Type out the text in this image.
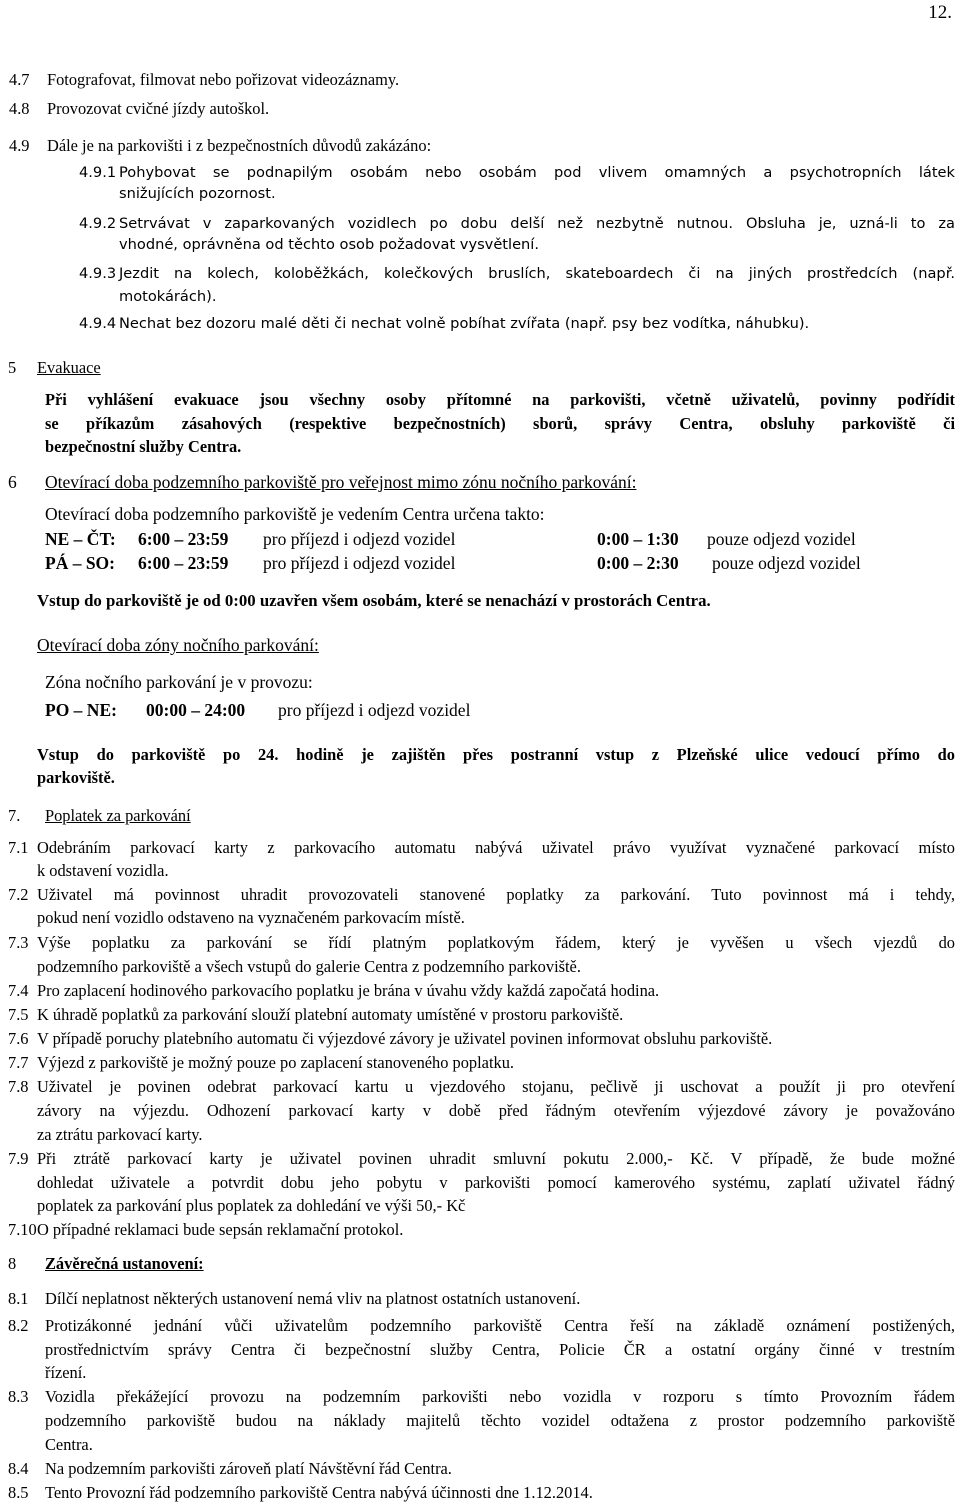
12.
4.7 Fotografovat, filmovat nebo pořizovat videozáznamy.
4.8 Provozovat cvičné jízdy autoškol.
4.9 Dále je na parkovišti i z bezpečnostních důvodů zakázáno:
4.9.1 Pohybovat se podnapilým osobám nebo osobám pod vlivem omamných a psychotropních látek
snižujících pozornost.
4.9.2 Setrvávat v zaparkovaných vozidlech po dobu delší než nezbytně nutnou. Obsluha je, uzná-li to za
vhodné, oprávněna od těchto osob požadovat vysvětlení.
4.9.3 Jezdit na kolech, koloběžkách, kolečkových bruslích, skateboardech či na jiných prostředcích (např.
motokárách).
4.9.4 Nechat bez dozoru malé děti či nechat volně pobíhat zvířata (např. psy bez vodítka, náhubku).
5 Evakuace
Při vyhlášení evakuace jsou všechny osoby přítomné na parkovišti, včetně uživatelů, povinny podřídit
se příkazům zásahových (respektive bezpečnostních) sborů, správy Centra, obsluhy parkoviště či
bezpečnostní služby Centra.
6 Otevírací doba podzemního parkoviště pro veřejnost mimo zónu nočního parkování:
Otevírací doba podzemního parkoviště je vedením Centra určena takto:
NE – ČT: 6:00 – 23:59 pro příjezd i odjezd vozidel	0:00 – 1:30 pouze odjezd vozidel
PÁ – SO: 6:00 – 23:59 pro příjezd i odjezd vozidel	0:00 – 2:30 pouze odjezd vozidel
Vstup do parkoviště je od 0:00 uzavřen všem osobám, které se nenachází v prostorách Centra.
Otevírací doba zóny nočního parkování:
Zóna nočního parkování je v provozu:
PO – NE: 00:00 – 24:00 pro příjezd i odjezd vozidel
Vstup do parkoviště po 24. hodině je zajištěn přes postranní vstup z Plzeňské ulice vedoucí přímo do
parkoviště.
7. Poplatek za parkování
7.1 Odebráním parkovací karty z parkovacího automatu nabývá uživatel právo využívat vyznačené parkovací místo
k odstavení vozidla.
7.2 Uživatel má povinnost uhradit provozovateli stanovené poplatky za parkování. Tuto povinnost má i tehdy,
pokud není vozidlo odstaveno na vyznačeném parkovacím místě.
7.3 Výše poplatku za parkování se řídí platným poplatkovým řádem, který je vyvěšen u všech vjezdů do
podzemního parkoviště a všech vstupů do galerie Centra z podzemního parkoviště.
7.4 Pro zaplacení hodinového parkovacího poplatku je brána v úvahu vždy každá započatá hodina.
7.5 K úhradě poplatků za parkování slouží platební automaty umístěné v prostoru parkoviště.
7.6 V případě poruchy platebního automatu či výjezdové závory je uživatel povinen informovat obsluhu parkoviště.
7.7 Výjezd z parkoviště je možný pouze po zaplacení stanoveného poplatku.
7.8 Uživatel je povinen odebrat parkovací kartu u vjezdového stojanu, pečlivě ji uschovat a použít ji pro otevření
závory na výjezdu. Odhození parkovací karty v době před řádným otevřením výjezdové závory je považováno
za ztrátu parkovací karty.
7.9 Při ztrátě parkovací karty je uživatel povinen uhradit smluvní pokutu 2.000,- Kč. V případě, že bude možné
dohledat uživatele a potvrdit dobu jeho pobytu v parkovišti pomocí kamerového systému, zaplatí uživatel řádný
poplatek za parkování plus poplatek za dohledání ve výši 50,- Kč
7.10 O případné reklamaci bude sepsán reklamační protokol.
8 Závěrečná ustanovení:
8.1 Dílčí neplatnost některých ustanovení nemá vliv na platnost ostatních ustanovení.
8.2 Protizákonné jednání vůči uživatelům podzemního parkoviště Centra řeší na základě oznámení postižených,
prostřednictvím správy Centra či bezpečnostní služby Centra, Policie ČR a ostatní orgány činné v trestním
řízení.
8.3 Vozidla překážející provozu na podzemním parkovišti nebo vozidla v rozporu s tímto Provozním řádem
podzemního parkoviště budou na náklady majitelů těchto vozidel odtažena z prostor podzemního parkoviště
Centra.
8.4 Na podzemním parkovišti zároveň platí Návštěvní řád Centra.
8.5 Tento Provozní řád podzemního parkoviště Centra nabývá účinnosti dne 1.12.2014.
